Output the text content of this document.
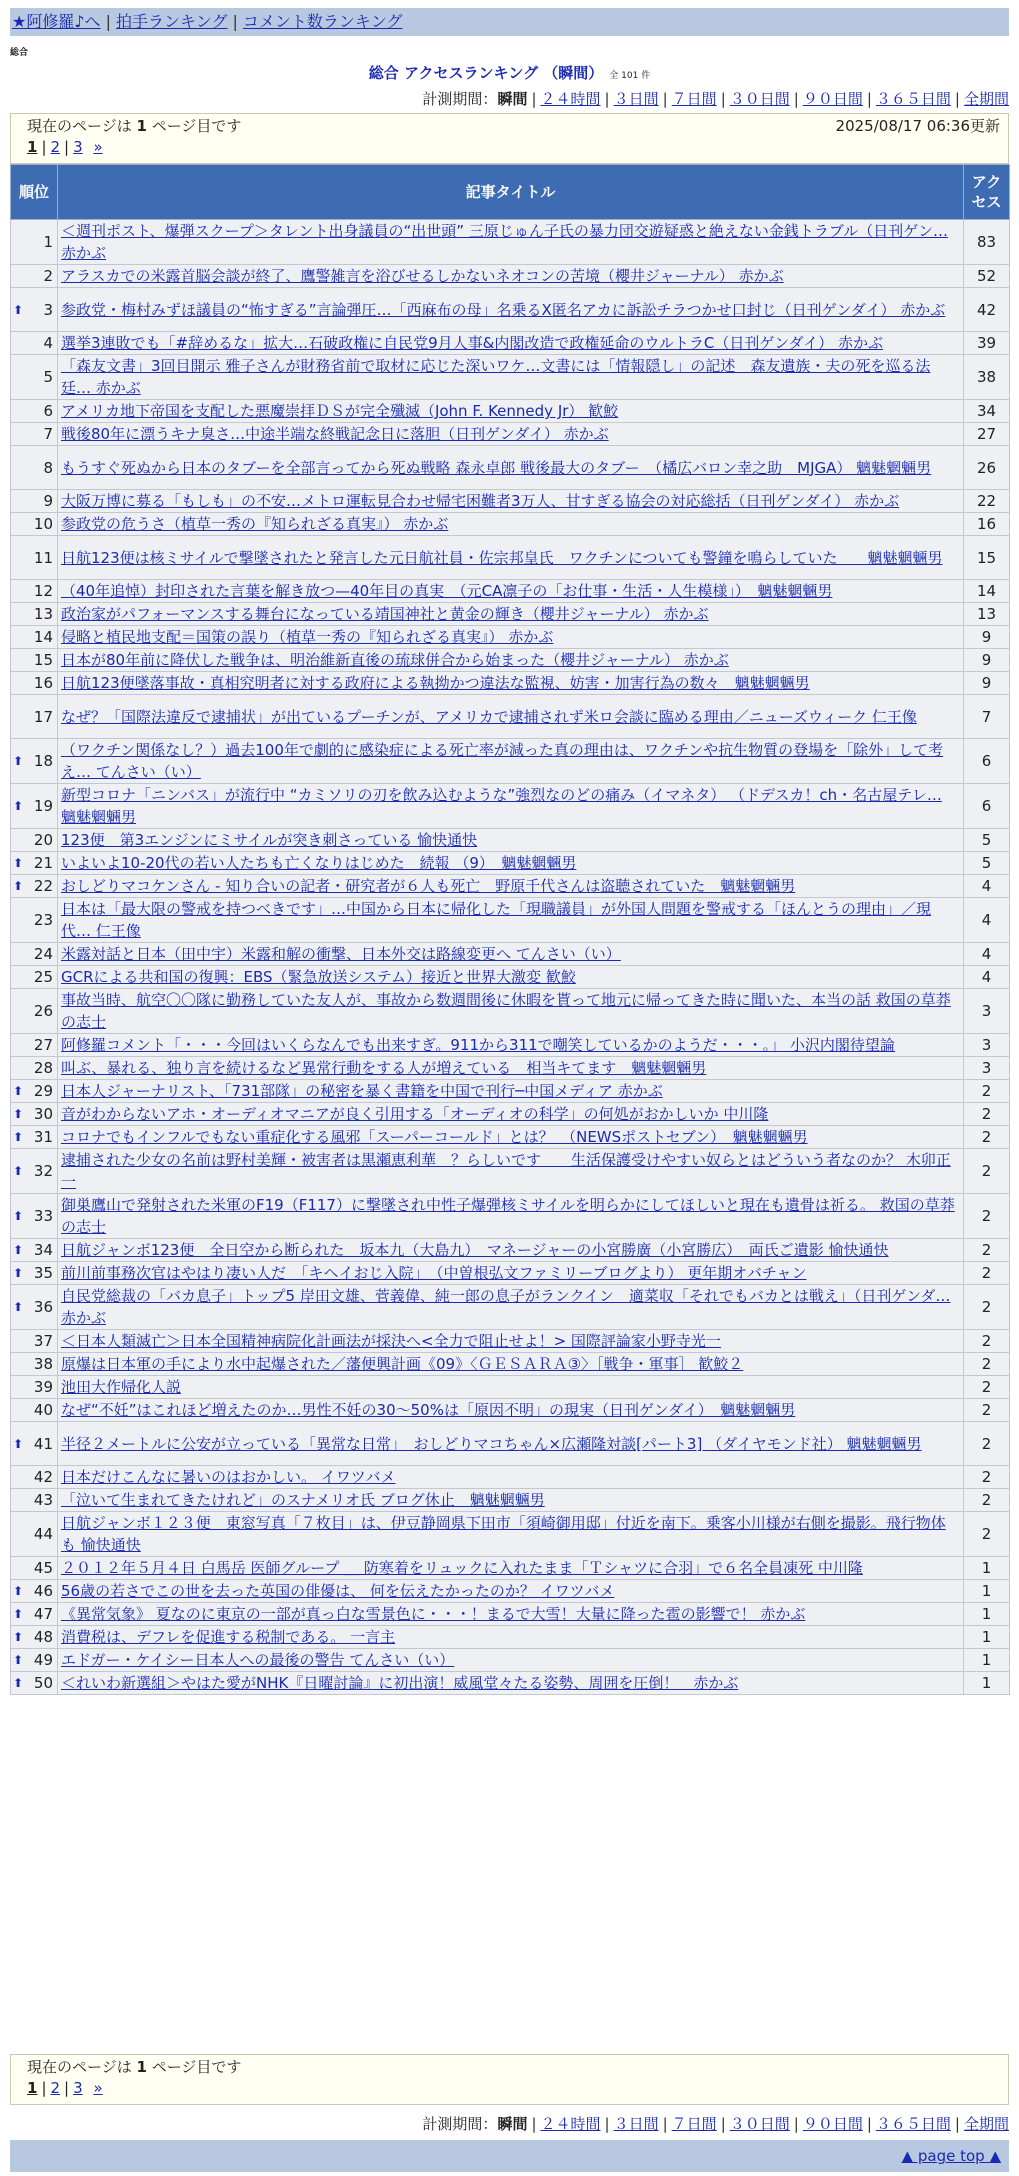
★阿修羅♪へ | 拍手ランキング | コメント数ランキング
総合
総合 アクセスランキング （瞬間） 全 101 件
計測期間：瞬間 | ２４時間 | ３日間 | ７日間 | ３０日間 | ９０日間 | ３６５日間 | 全期間
現在のページは 1 ページ目です	2025/08/17 06:36更新
1 | 2 | 3 »
順位	記事タイトル	アク
セス
1	＜週刊ポスト、爆弾スクープ＞タレント出身議員の“出世頭” 三原じゅん子氏の暴力団交遊疑惑と絶えない金銭トラブル（日刊ゲン… 赤かぶ	83
2	アラスカでの米露首脳会談が終了、鷹警雑言を浴びせるしかないネオコンの苦境（櫻井ジャーナル） 赤かぶ	52

⬆ 3	参政党・梅村みずほ議員の“怖すぎる”言論弾圧…「西麻布の母」名乗るX匿名アカに訴訟チラつかせ口封じ（日刊ゲンダイ） 赤かぶ	42
4	選挙3連敗でも「#辞めるな」拡大…石破政権に自民党9月人事&内閣改造で政権延命のウルトラC（日刊ゲンダイ） 赤かぶ	39
5	「森友文書」3回目開示 雅子さんが財務省前で取材に応じた深いワケ…文書には「情報隠し」の記述　森友遺族・夫の死を巡る法廷… 赤かぶ	38
6	アメリカ地下帝国を支配した悪魔崇拝ＤＳが完全殲滅（John F. Kennedy Jr） 歓鮫	34
7	戦後80年に漂うキナ臭さ…中途半端な終戦記念日に落胆（日刊ゲンダイ） 赤かぶ	27
8	もうすぐ死ぬから日本のタブーを全部言ってから死ぬ戦略 森永卓郎 戦後最大のタブー　（橘広バロン幸之助　MJGA） 魑魅魍魎男	26
9	大阪万博に募る「もしも」の不安…メトロ運転見合わせ帰宅困難者3万人、甘すぎる協会の対応総括（日刊ゲンダイ） 赤かぶ	22
10	参政党の危うさ（植草一秀の『知られざる真実』） 赤かぶ	16
11	日航123便は核ミサイルで撃墜されたと発言した元日航社員・佐宗邦皇氏　ワクチンについても警鐘を鳴らしていた　　魑魅魍魎男	15
12	（40年追悼）封印された言葉を解き放つ—40年目の真実　（元CA凛子の「お仕事・生活・人生模様」）　魑魅魍魎男	14
13	政治家がパフォーマンスする舞台になっている靖国神社と黄金の輝き（櫻井ジャーナル） 赤かぶ	13
14	侵略と植民地支配＝国策の誤り（植草一秀の『知られざる真実』） 赤かぶ	9
15	日本が80年前に降伏した戦争は、明治維新直後の琉球併合から始まった（櫻井ジャーナル） 赤かぶ	9
16	日航123便墜落事故・真相究明者に対する政府による執拗かつ違法な監視、妨害・加害行為の数々　魑魅魍魎男	9
17	なぜ？「国際法違反で逮捕状」が出ているプーチンが、アメリカで逮捕されず米ロ会談に臨める理由／ニューズウィーク 仁王像	7

⬆ 18	（ワクチン関係なし？）過去100年で劇的に感染症による死亡率が減った真の理由は、ワクチンや抗生物質の登場を「除外」して考え… てんさい（い）	6

⬆ 19	新型コロナ「ニンバス」が流行中 “カミソリの刃を飲み込むような”強烈なのどの痛み（イマネタ） （ドデスカ！ch・名古屋テレ… 魑魅魍魎男	6
20	123便　第3エンジンにミサイルが突き刺さっている 愉快通快	5

⬆ 21	いよいよ10-20代の若い人たちも亡くなりはじめた　続報 （9）　魑魅魍魎男	5

⬆ 22	おしどりマコケンさん - 知り合いの記者・研究者が６人も死亡　野原千代さんは盗聴されていた　魑魅魍魎男	4
23	日本は「最大限の警戒を持つべきです」…中国から日本に帰化した「現職議員」が外国人問題を警戒する「ほんとうの理由」／現代… 仁王像	4
24	米露対話と日本（田中宇）米露和解の衝撃、日本外交は路線変更へ てんさい（い）	4
25	GCRによる共和国の復興：EBS（緊急放送システム）接近と世界大激変 歓鮫	4
26	事故当時、航空〇〇隊に勤務していた友人が、事故から数週間後に休暇を貰って地元に帰ってきた時に聞いた、本当の話 救国の草莽の志士	3
27	阿修羅コメント「・・・今回はいくらなんでも出来すぎ。911から311で嘲笑しているかのようだ・・・。」 小沢内閣待望論	3
28	叫ぶ、暴れる、独り言を続けるなど異常行動をする人が増えている　相当キてます　魑魅魍魎男	3

⬆ 29	日本人ジャーナリスト、「731部隊」の秘密を暴く書籍を中国で刊行─中国メディア 赤かぶ	2

⬆ 30	音がわからないアホ・オーディオマニアが良く引用する「オーディオの科学」の何処がおかしいか 中川隆	2

⬆ 31	コロナでもインフルでもない重症化する風邪「スーパーコールド」とは？　（NEWSポストセブン）　魑魅魍魎男	2

⬆ 32	逮捕された少女の名前は野村美輝・被害者は黒瀬恵利華　？らしいです　　生活保護受けやすい奴らとはどういう者なのか？ 木卯正一	2

⬆ 33	御巣鷹山で発射された米軍のF19（F117）に撃墜され中性子爆弾核ミサイルを明らかにしてほしいと現在も遺骨は祈る。 救国の草莽の志士	2

⬆ 34	日航ジャンボ123便　全日空から断られた　坂本九（大島九）　マネージャーの小宮勝廣（小宮勝広）　両氏ご遺影 愉快通快	2

⬆ 35	前川前事務次官はやはり凄い人だ　「キヘイおじ入院」　（中曽根弘文ファミリーブログより） 更年期オバチャン	2

⬆ 36	自民党総裁の「バカ息子」トップ5 岸田文雄、菅義偉、純一郎の息子がランクイン　適菜収「それでもバカとは戦え」（日刊ゲンダ… 赤かぶ	2
37	＜日本人類滅亡＞日本全国精神病院化計画法が採決へ<全力で阻止せよ！> 国際評論家小野寺光一	2
38	原爆は日本軍の手により水中起爆された／藩便興計画《09》〈ＧＥＳＡＲＡ③〉［戦争・軍事］ 歓鮫２	2
39	池田大作帰化人説	2
40	なぜ“不妊”はこれほど増えたのか…男性不妊の30～50%は「原因不明」の現実（日刊ゲンダイ）　魑魅魍魎男	2

⬆ 41	半径２メートルに公安が立っている「異常な日常」　おしどりマコちゃん×広瀬隆対談[パート3] （ダイヤモンド社） 魑魅魍魎男	2
42	日本だけこんなに暑いのはおかしい。 イワツバメ	2
43	「泣いて生まれてきたけれど」のスナメリオ氏 ブログ休止　魑魅魍魎男	2
44	日航ジャンボ１２３便　東窓写真「７枚目」は、伊豆静岡県下田市「須崎御用邸」付近を南下。乗客小川様が右側を撮影。飛行物体も 愉快通快	2
45	２０１２年５月４日 白馬岳 医師グループ ＿ 防寒着をリュックに入れたまま「Ｔシャツに合羽」で６名全員凍死 中川隆	1

⬆ 46	56歳の若さでこの世を去った英国の俳優は、 何を伝えたかったのか？ イワツバメ	1

⬆ 47	《異常気象》 夏なのに東京の一部が真っ白な雪景色に・・・！まるで大雪！大量に降った雹の影響で！ 赤かぶ	1

⬆ 48	消費税は、デフレを促進する税制である。 一言主	1

⬆ 49	エドガー・ケイシー日本人への最後の警告 てんさい（い）	1

⬆ 50	＜れいわ新選組＞やはた愛がNHK『日曜討論』に初出演！威風堂々たる姿勢、周囲を圧倒！　赤かぶ	1
現在のページは 1 ページ目です
1 | 2 | 3 »
計測期間：瞬間 | ２４時間 | ３日間 | ７日間 | ３０日間 | ９０日間 | ３６５日間 | 全期間
▲ page top ▲
